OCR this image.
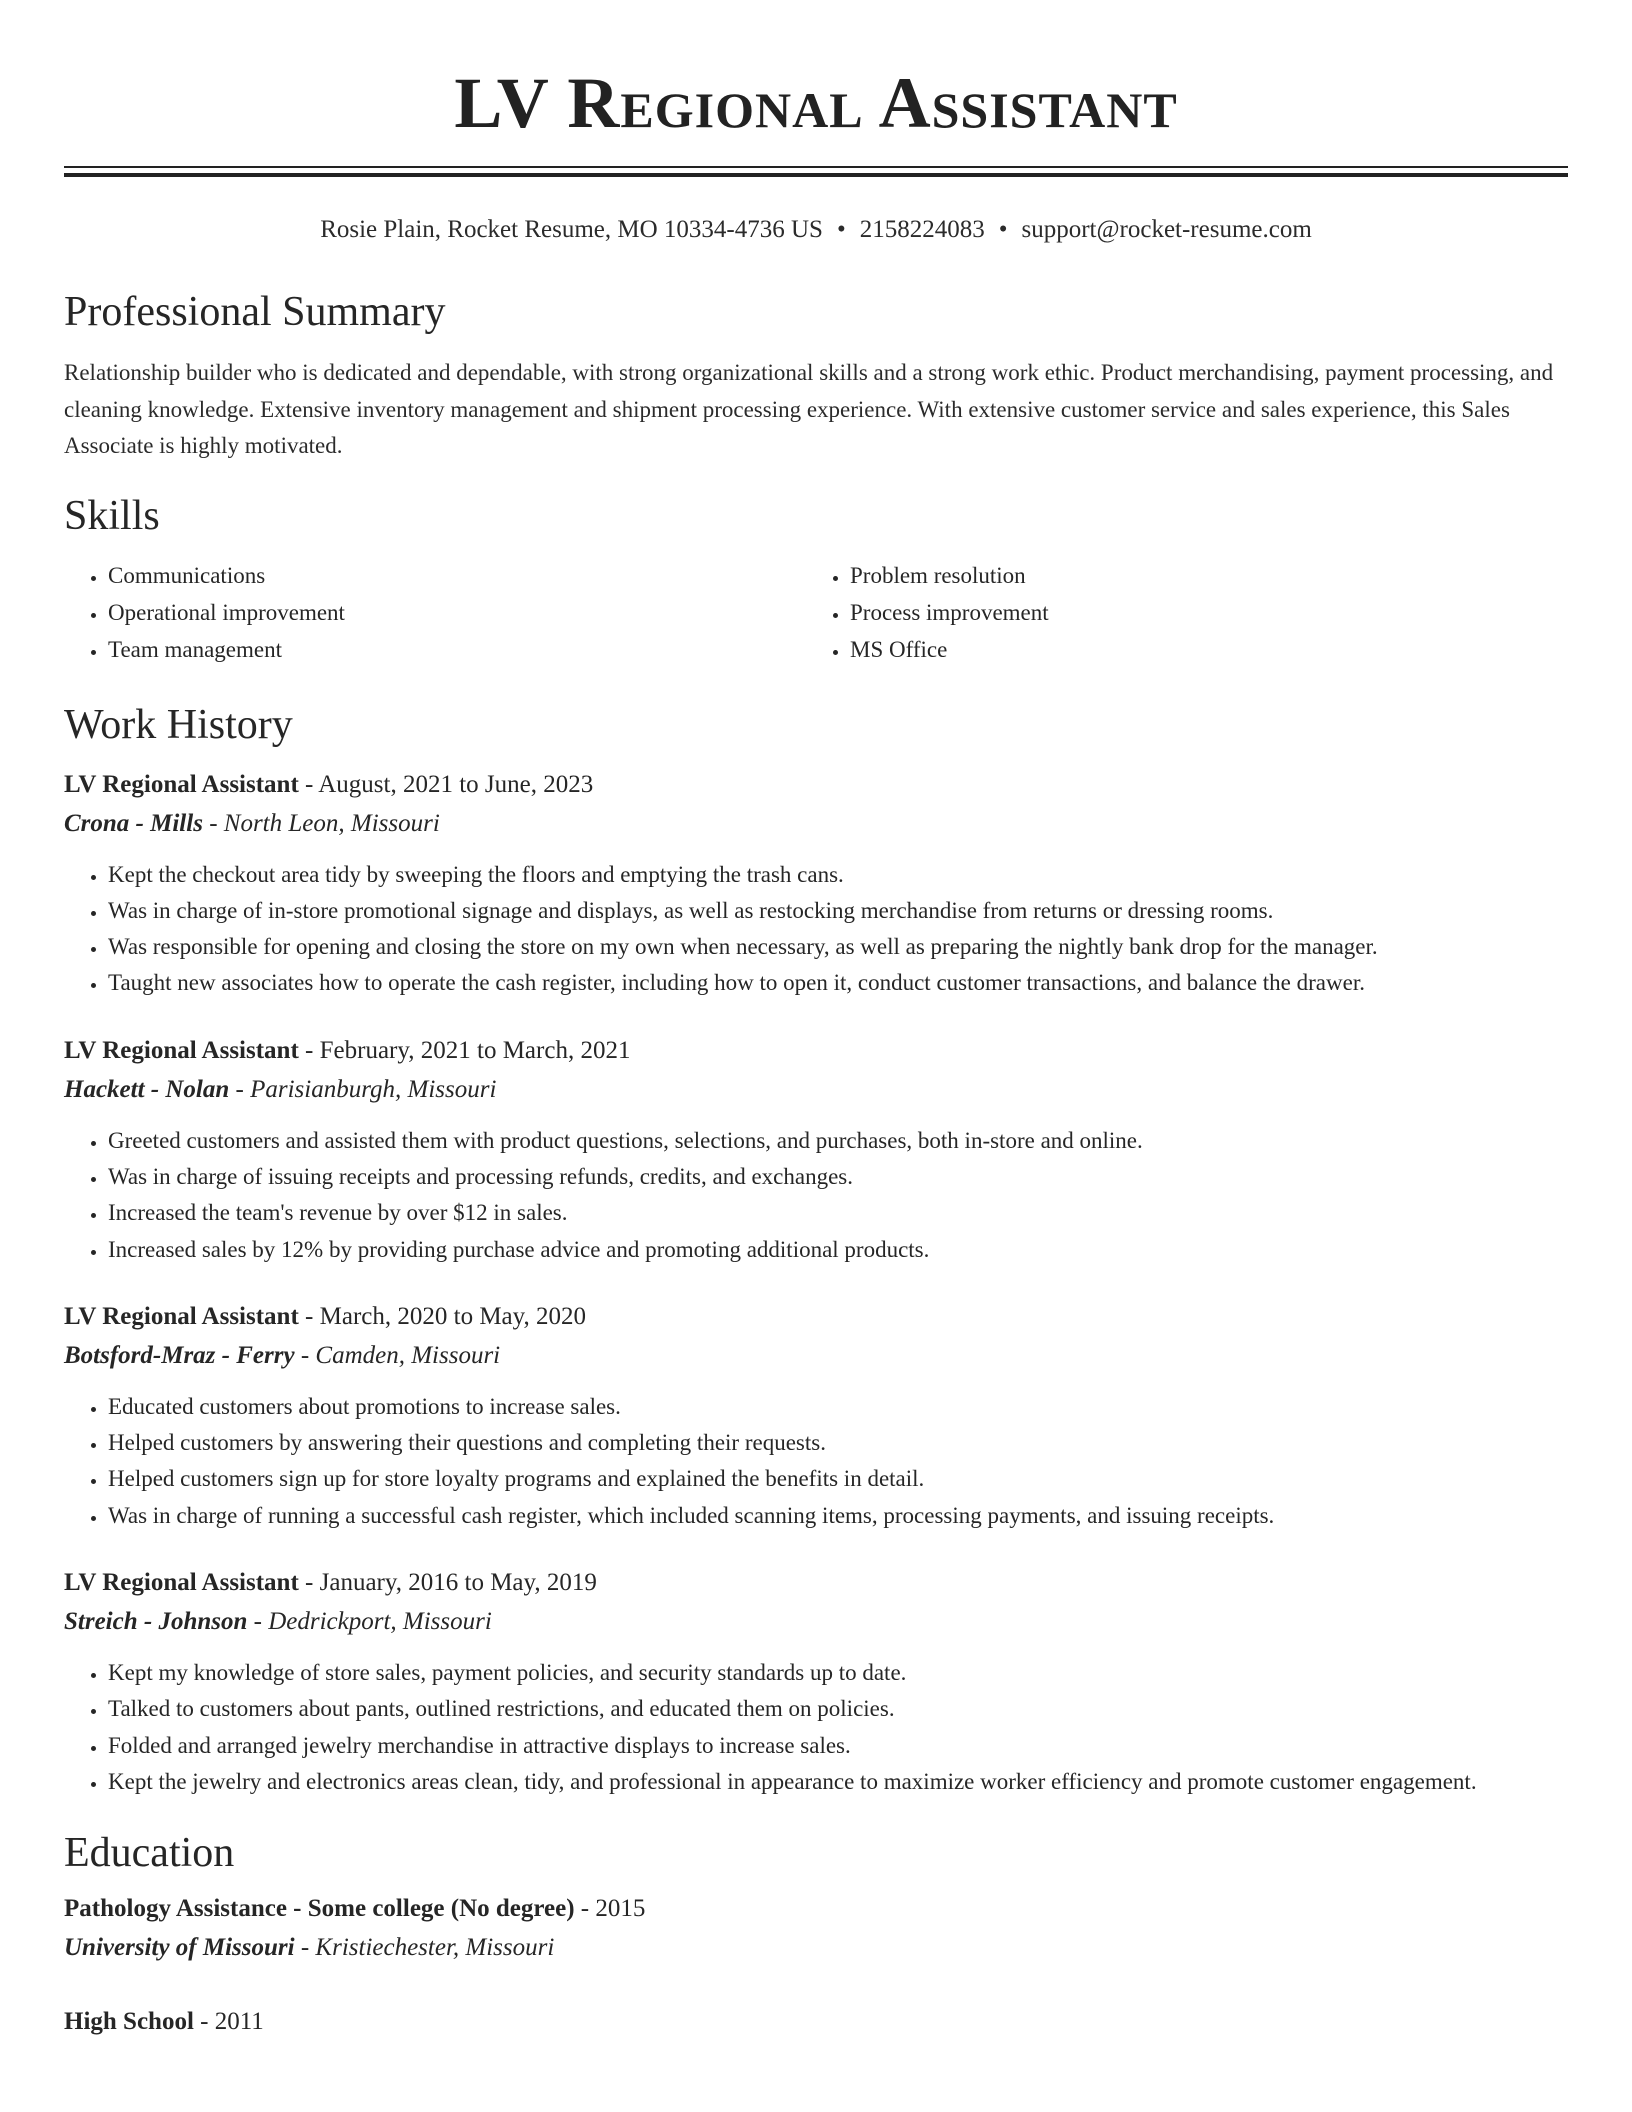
LV Regional Assistant
Rosie Plain, Rocket Resume, MO 10334-4736 US • 2158224083 • support@rocket-resume.com
Professional Summary
Relationship builder who is dedicated and dependable, with strong organizational skills and a strong work ethic. Product merchandising, payment processing, and cleaning knowledge. Extensive inventory management and shipment processing experience. With extensive customer service and sales experience, this Sales Associate is highly motivated.
Skills
• Communications
• Operational improvement
• Team management
• Problem resolution
• Process improvement
• MS Office
Work History
LV Regional Assistant - August, 2021 to June, 2023
Crona - Mills - North Leon, Missouri
• Kept the checkout area tidy by sweeping the floors and emptying the trash cans.
• Was in charge of in-store promotional signage and displays, as well as restocking merchandise from returns or dressing rooms.
• Was responsible for opening and closing the store on my own when necessary, as well as preparing the nightly bank drop for the manager.
• Taught new associates how to operate the cash register, including how to open it, conduct customer transactions, and balance the drawer.
LV Regional Assistant - February, 2021 to March, 2021
Hackett - Nolan - Parisianburgh, Missouri
• Greeted customers and assisted them with product questions, selections, and purchases, both in-store and online.
• Was in charge of issuing receipts and processing refunds, credits, and exchanges.
• Increased the team's revenue by over $12 in sales.
• Increased sales by 12% by providing purchase advice and promoting additional products.
LV Regional Assistant - March, 2020 to May, 2020
Botsford-Mraz - Ferry - Camden, Missouri
• Educated customers about promotions to increase sales.
• Helped customers by answering their questions and completing their requests.
• Helped customers sign up for store loyalty programs and explained the benefits in detail.
• Was in charge of running a successful cash register, which included scanning items, processing payments, and issuing receipts.
LV Regional Assistant - January, 2016 to May, 2019
Streich - Johnson - Dedrickport, Missouri
• Kept my knowledge of store sales, payment policies, and security standards up to date.
• Talked to customers about pants, outlined restrictions, and educated them on policies.
• Folded and arranged jewelry merchandise in attractive displays to increase sales.
• Kept the jewelry and electronics areas clean, tidy, and professional in appearance to maximize worker efficiency and promote customer engagement.
Education
Pathology Assistance - Some college (No degree) - 2015
University of Missouri - Kristiechester, Missouri
High School - 2011
